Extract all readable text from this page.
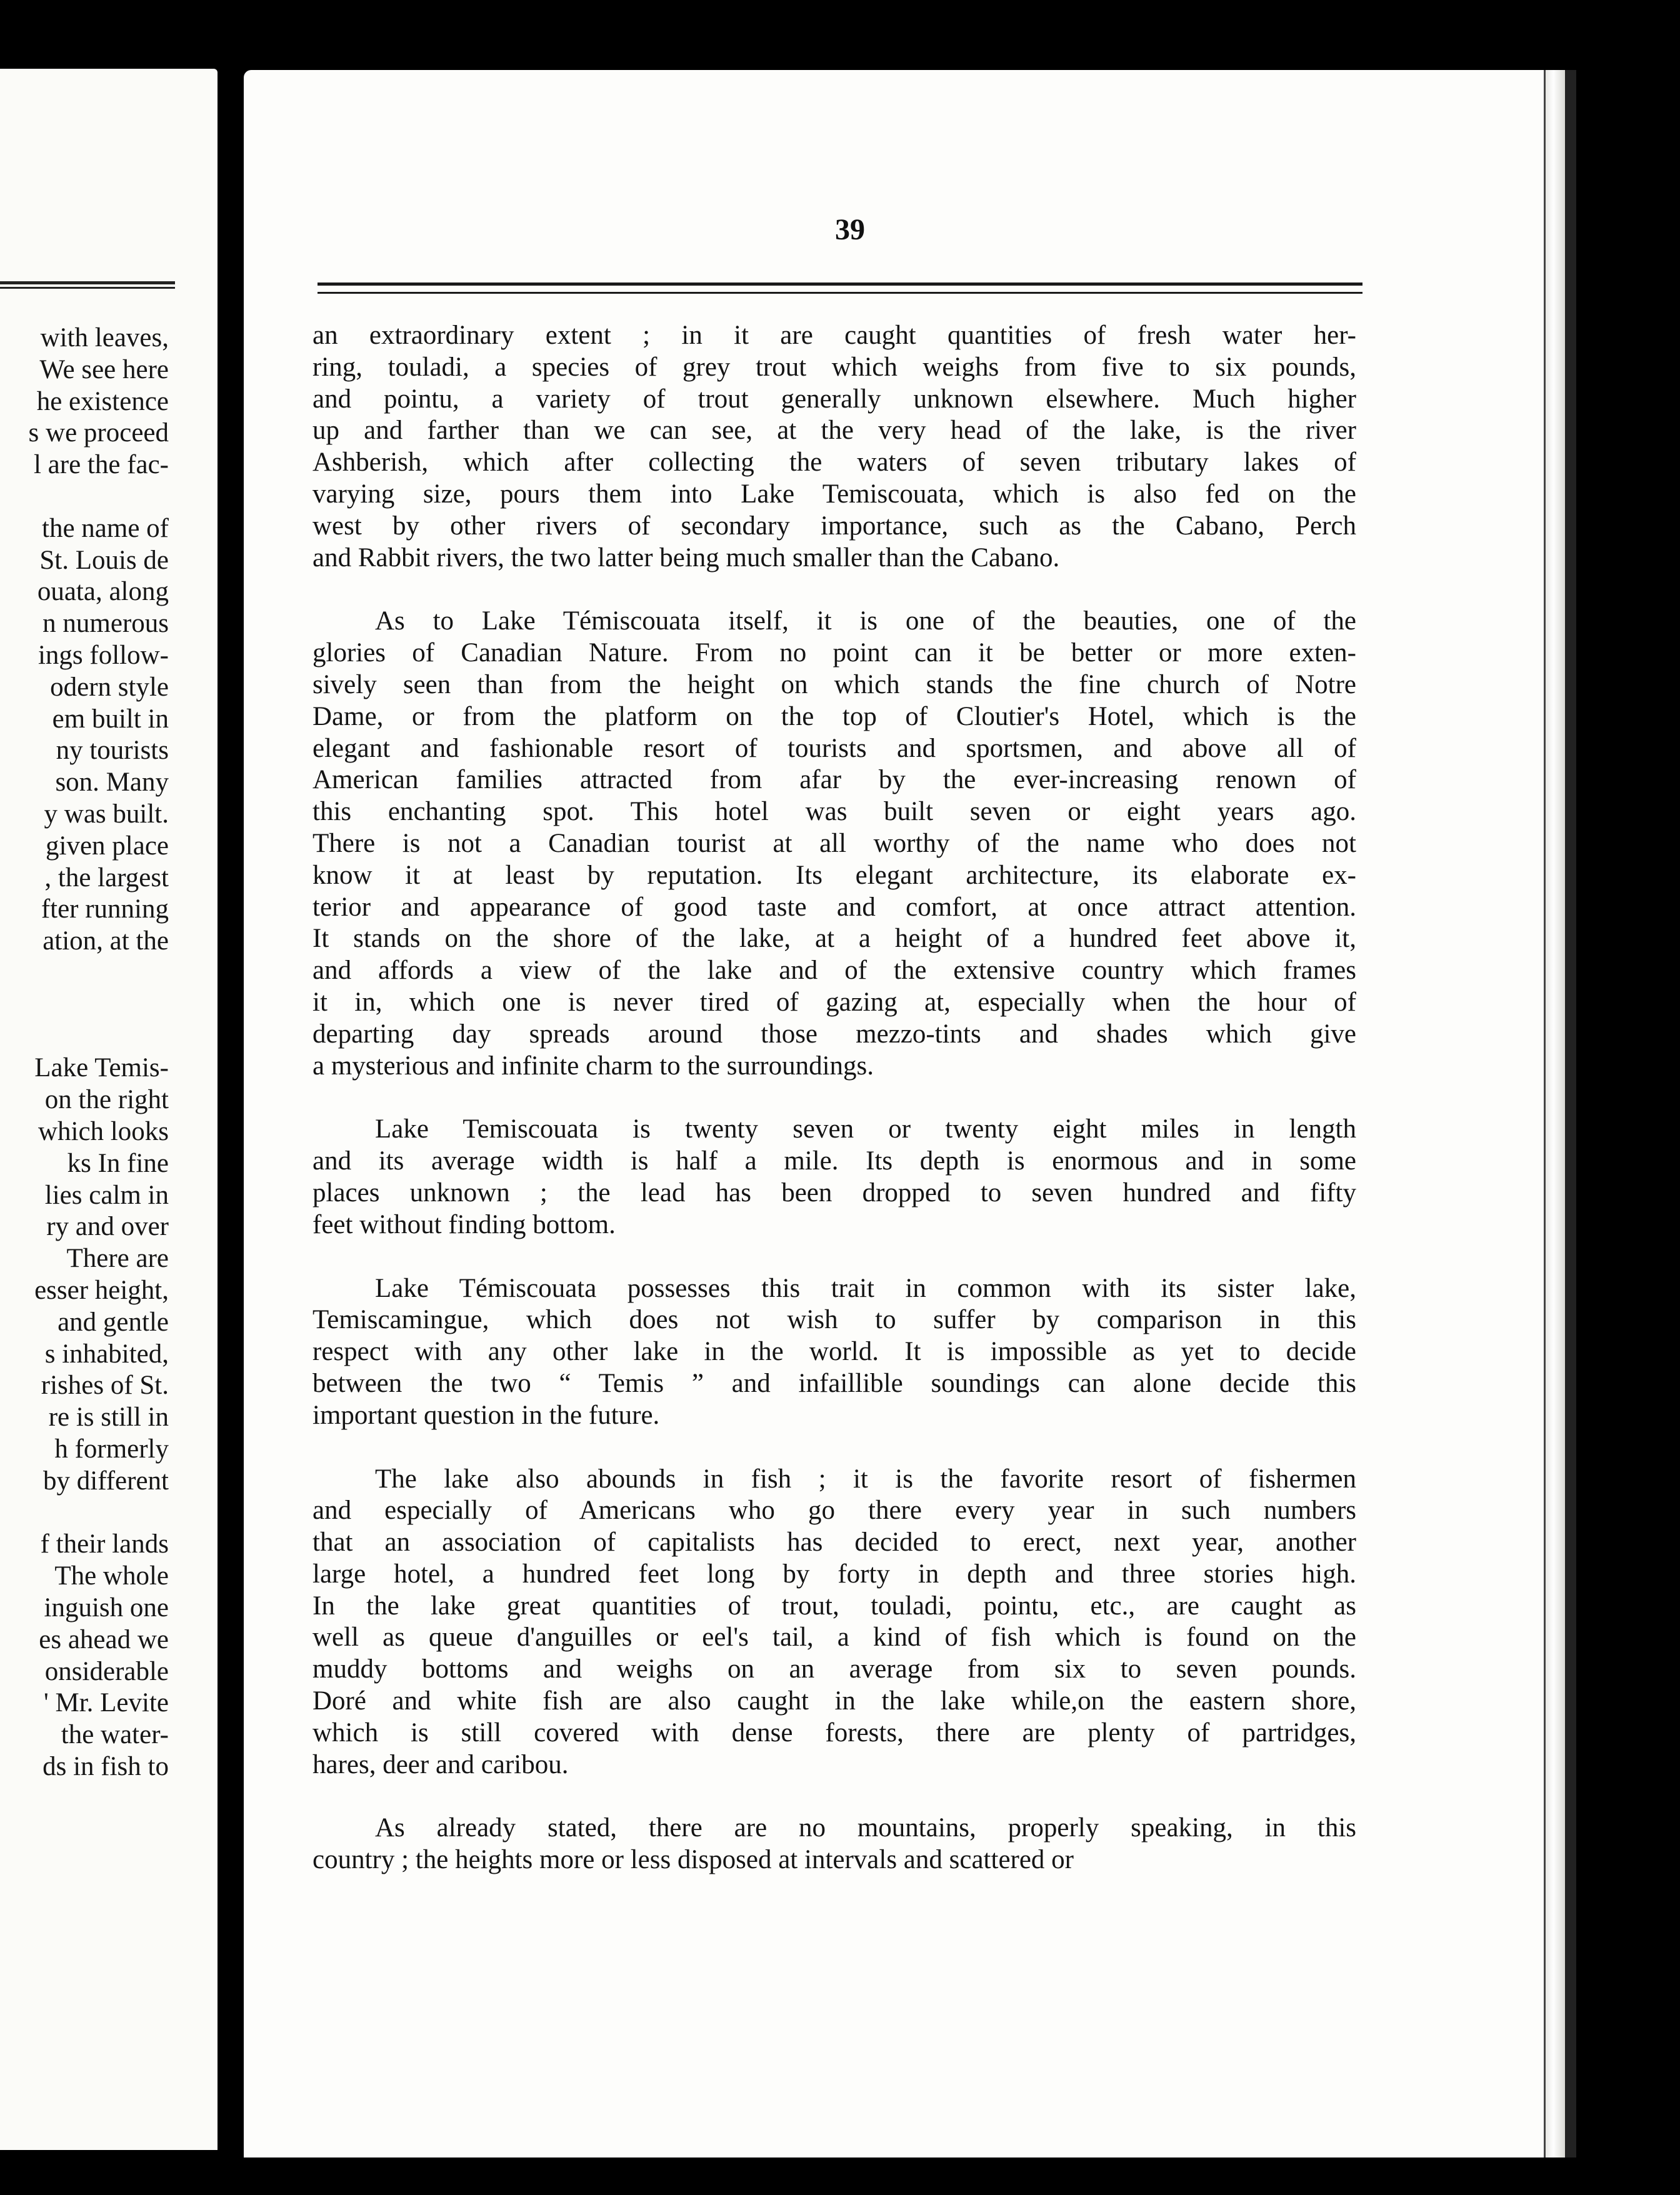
with leaves,
We see here
he existence
s we proceed
l are the fac-
the name of
St. Louis de
ouata, along
n numerous
ings follow-
odern style
em built in
ny tourists
son. Many
y was built.
given place
, the largest
fter running
ation, at the
Lake Temis-
on the right
which looks
ks In fine
lies calm in
ry and over
There are
esser height,
and gentle
s inhabited,
rishes of St.
re is still in
h formerly
by different
f their lands
The whole
inguish one
es ahead we
onsiderable
' Mr. Levite
the water-
ds in fish to
39
an extraordinary extent ; in it are caught quantities of fresh water her-
ring, touladi, a species of grey trout which weighs from five to six pounds,
and pointu, a variety of trout generally unknown elsewhere. Much higher
up and farther than we can see, at the very head of the lake, is the river
Ashberish, which after collecting the waters of seven tributary lakes of
varying size, pours them into Lake Temiscouata, which is also fed on the
west by other rivers of secondary importance, such as the Cabano, Perch
and Rabbit rivers, the two latter being much smaller than the Cabano.
As to Lake Témiscouata itself, it is one of the beauties, one of the
glories of Canadian Nature. From no point can it be better or more exten-
sively seen than from the height on which stands the fine church of Notre
Dame, or from the platform on the top of Cloutier's Hotel, which is the
elegant and fashionable resort of tourists and sportsmen, and above all of
American families attracted from afar by the ever-increasing renown of
this enchanting spot. This hotel was built seven or eight years ago.
There is not a Canadian tourist at all worthy of the name who does not
know it at least by reputation. Its elegant architecture, its elaborate ex-
terior and appearance of good taste and comfort, at once attract attention.
It stands on the shore of the lake, at a height of a hundred feet above it,
and affords a view of the lake and of the extensive country which frames
it in, which one is never tired of gazing at, especially when the hour of
departing day spreads around those mezzo-tints and shades which give
a mysterious and infinite charm to the surroundings.
Lake Temiscouata is twenty seven or twenty eight miles in length
and its average width is half a mile. Its depth is enormous and in some
places unknown ; the lead has been dropped to seven hundred and fifty
feet without finding bottom.
Lake Témiscouata possesses this trait in common with its sister lake,
Temiscamingue, which does not wish to suffer by comparison in this
respect with any other lake in the world. It is impossible as yet to decide
between the two “ Temis ” and infaillible soundings can alone decide this
important question in the future.
The lake also abounds in fish ; it is the favorite resort of fishermen
and especially of Americans who go there every year in such numbers
that an association of capitalists has decided to erect, next year, another
large hotel, a hundred feet long by forty in depth and three stories high.
In the lake great quantities of trout, touladi, pointu, etc., are caught as
well as queue d'anguilles or eel's tail, a kind of fish which is found on the
muddy bottoms and weighs on an average from six to seven pounds.
Doré and white fish are also caught in the lake while,on the eastern shore,
which is still covered with dense forests, there are plenty of partridges,
hares, deer and caribou.
As already stated, there are no mountains, properly speaking, in this
country ; the heights more or less disposed at intervals and scattered or
